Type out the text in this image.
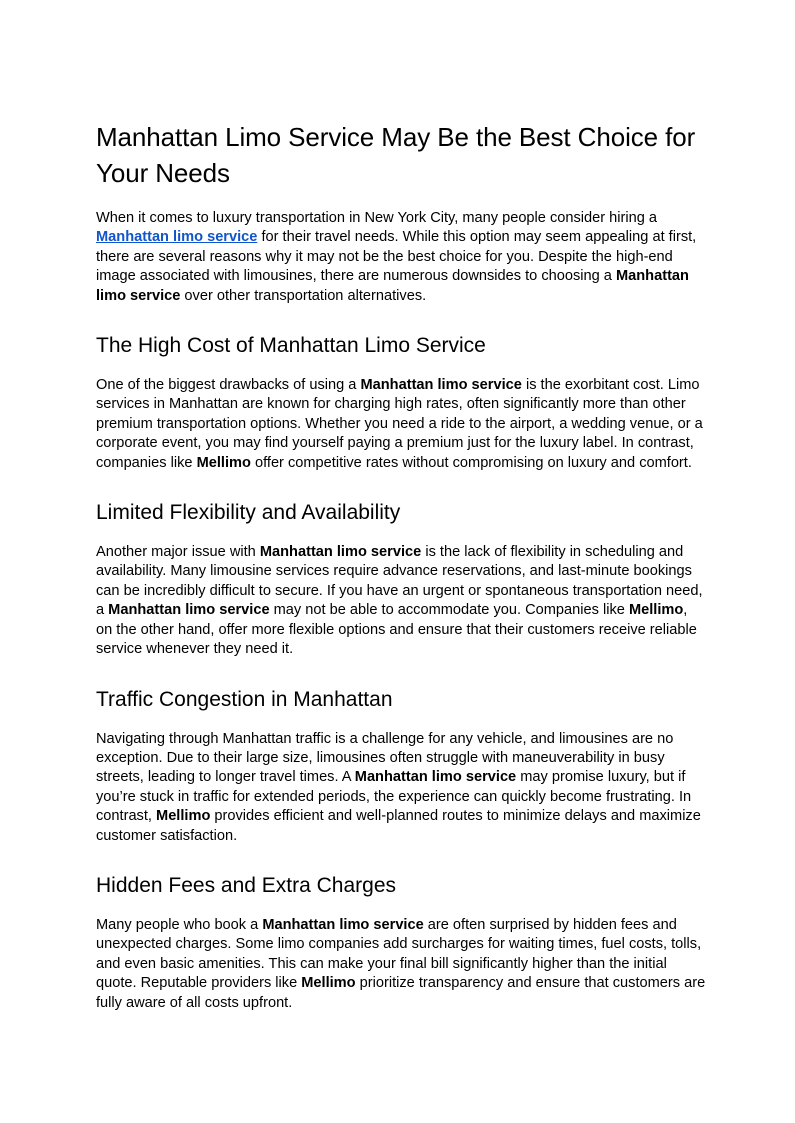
Manhattan Limo Service May Be the Best Choice for Your Needs

When it comes to luxury transportation in New York City, many people consider hiring a Manhattan limo service for their travel needs. While this option may seem appealing at first, there are several reasons why it may not be the best choice for you. Despite the high-end image associated with limousines, there are numerous downsides to choosing a Manhattan limo service over other transportation alternatives.

The High Cost of Manhattan Limo Service

One of the biggest drawbacks of using a Manhattan limo service is the exorbitant cost. Limo services in Manhattan are known for charging high rates, often significantly more than other premium transportation options. Whether you need a ride to the airport, a wedding venue, or a corporate event, you may find yourself paying a premium just for the luxury label. In contrast, companies like Mellimo offer competitive rates without compromising on luxury and comfort.

Limited Flexibility and Availability

Another major issue with Manhattan limo service is the lack of flexibility in scheduling and availability. Many limousine services require advance reservations, and last-minute bookings can be incredibly difficult to secure. If you have an urgent or spontaneous transportation need, a Manhattan limo service may not be able to accommodate you. Companies like Mellimo, on the other hand, offer more flexible options and ensure that their customers receive reliable service whenever they need it.

Traffic Congestion in Manhattan

Navigating through Manhattan traffic is a challenge for any vehicle, and limousines are no exception. Due to their large size, limousines often struggle with maneuverability in busy streets, leading to longer travel times. A Manhattan limo service may promise luxury, but if you’re stuck in traffic for extended periods, the experience can quickly become frustrating. In contrast, Mellimo provides efficient and well-planned routes to minimize delays and maximize customer satisfaction.

Hidden Fees and Extra Charges

Many people who book a Manhattan limo service are often surprised by hidden fees and unexpected charges. Some limo companies add surcharges for waiting times, fuel costs, tolls, and even basic amenities. This can make your final bill significantly higher than the initial quote. Reputable providers like Mellimo prioritize transparency and ensure that customers are fully aware of all costs upfront.
